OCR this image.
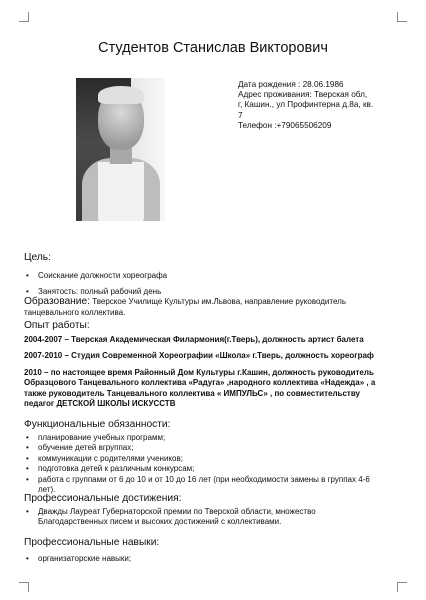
Студентов Станислав Викторович
Дата рождения : 28.06.1986
Адрес проживания: Тверская обл,
г, Кашин., ул Профинтерна д.8а, кв.
7
Телефон :+79065506209
Цель:
• Соискание должности хореографа
• Занятость: полный рабочий день
Образование: Тверское Училище Культуры им.Львова, направление руководитель
танцевального коллектива.
Опыт работы:
2004-2007 – Тверская Академическая Филармония(г.Тверь), должность артист балета
2007-2010 – Студия Современной Хореографии «Школа» г.Тверь, должность хореограф
2010 – по настоящее время Районный Дом Культуры г.Кашин, должность руководитель
Образцового Танцевального коллектива «Радуга» ,народного коллектива «Надежда» , а
также руководитель Танцевального коллектива « ИМПУЛЬС» , по совместительству
педагог ДЕТСКОЙ ШКОЛЫ ИСКУССТВ
Функциональные обязанности:
• планирование учебных программ;
• обучение детей вгруппах;
• коммуникации с родителями учеников;
• подготовка детей к различным конкурсам;
• работа с группами от 6 до 10 и от 10 до 16 лет (при необходимости замены в группах 4-6
лет).
Профессиональные достижения:
• Дважды Лауреат Губернаторской премии по Тверской области, множество
Благодарственных писем и высоких достижений с коллективами.
Профессиональные навыки:
• организаторские навыки;
